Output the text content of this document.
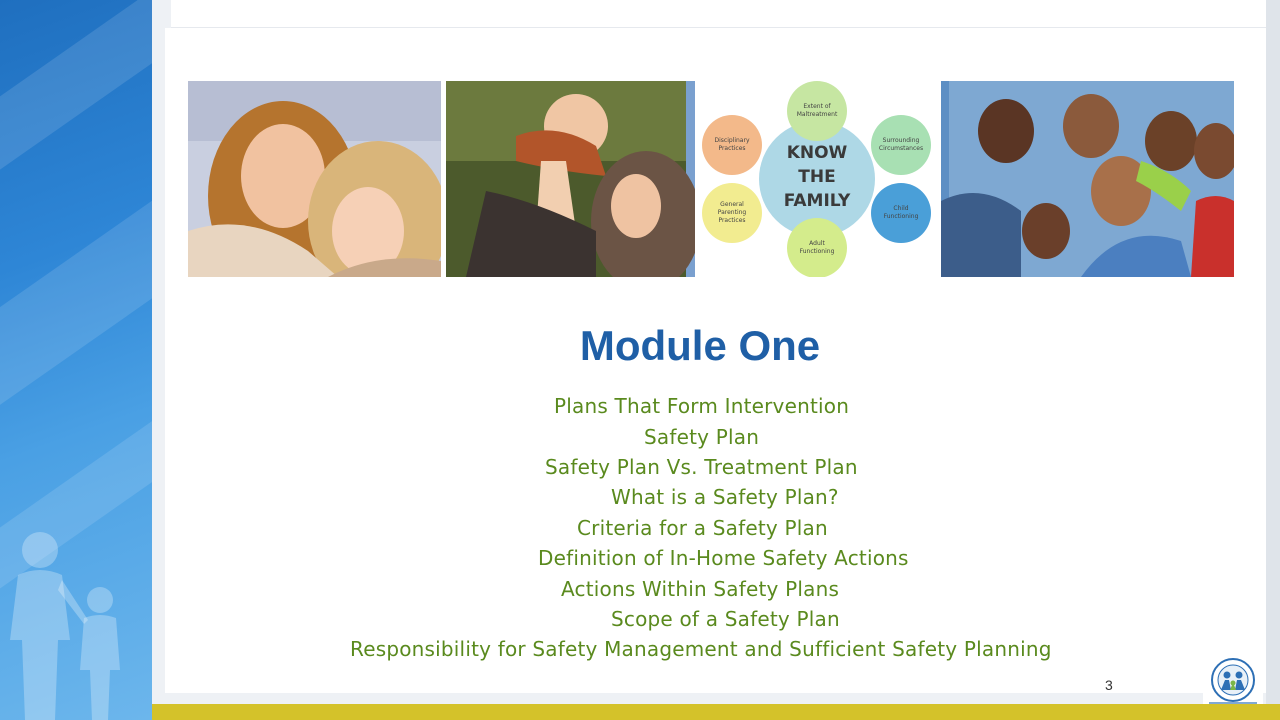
KNOW
THE
FAMILY
Extent of
Maltreatment
Surrounding
Circumstances
Child
Functioning
Adult
Functioning
General
Parenting
Practices
Disciplinary
Practices
Module One
Plans That Form Intervention
Safety Plan
Safety Plan Vs. Treatment Plan
What is a Safety Plan?
Criteria for a Safety Plan
Definition of In-Home Safety Actions
Actions Within Safety Plans
Scope of a Safety Plan
Responsibility for Safety Management and Sufficient Safety Planning
3
